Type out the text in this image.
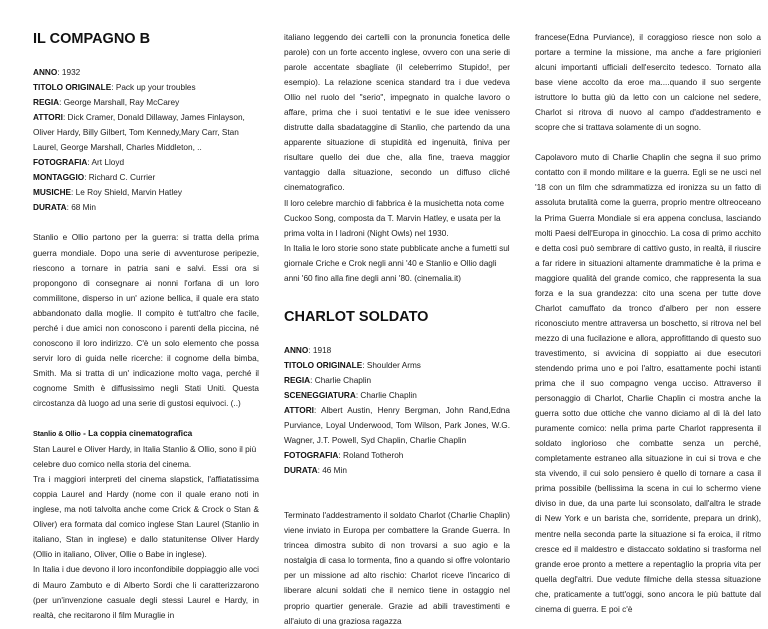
IL COMPAGNO B

ANNO: 1932

TITOLO ORIGINALE: Pack up your troubles

REGIA: George Marshall, Ray McCarey

ATTORI: Dick Cramer, Donald Dillaway, James Finlayson, Oliver Hardy, Billy Gilbert, Tom Kennedy,Mary Carr, Stan Laurel, George Marshall, Charles Middleton, ..

FOTOGRAFIA: Art Lloyd

MONTAGGIO: Richard C. Currier

MUSICHE: Le Roy Shield, Marvin Hatley

DURATA: 68 Min

Stanlio e Ollio partono per la guerra: si tratta della prima guerra mondiale. Dopo una serie di avventurose peripezie, riescono a tornare in patria sani e salvi. Essi ora si propongono di consegnare ai nonni l'orfana di un loro commilitone, disperso in un' azione bellica, il quale era stato abbandonato dalla moglie. Il compito è tutt'altro che facile, perché i due amici non conoscono i parenti della piccina, né conoscono il loro indirizzo. C'è un solo elemento che possa servir loro di guida nelle ricerche: il cognome della bimba, Smith. Ma si tratta di un' indicazione molto vaga, perché il cognome Smith è diffusissimo negli Stati Uniti. Questa circostanza dà luogo ad una serie di gustosi equivoci. (..)

Stanlio & Ollio - La coppia cinematografica

Stan Laurel e Oliver Hardy, in Italia Stanlio & Ollio, sono il più celebre duo comico nella storia del cinema.

Tra i maggiori interpreti del cinema slapstick, l'affiatatissima coppia Laurel and Hardy (nome con il quale erano noti in inglese, ma noti talvolta anche come Crick & Crock o Stan & Oliver) era formata dal comico inglese Stan Laurel (Stanlio in italiano, Stan in inglese) e dallo statunitense Oliver Hardy (Ollio in italiano, Oliver, Ollie o Babe in inglese).

In Italia i due devono il loro inconfondibile doppiaggio alle voci di Mauro Zambuto e di Alberto Sordi che li caratterizzarono (per un'invenzione casuale degli stessi Laurel e Hardy, in realtà, che recitarono il film Muraglie in

italiano leggendo dei cartelli con la pronuncia fonetica delle parole) con un forte accento inglese, ovvero con una serie di parole accentate sbagliate (il celeberrimo Stupido!, per esempio). La relazione scenica standard tra i due vedeva Ollio nel ruolo del "serio", impegnato in qualche lavoro o affare, prima che i suoi tentativi e le sue idee venissero distrutte dalla sbadataggine di Stanlio, che partendo da una apparente situazione di stupidità ed ingenuità, finiva per risultare quello dei due che, alla fine, traeva maggior vantaggio dalla situazione, secondo un diffuso cliché cinematografico.

Il loro celebre marchio di fabbrica è la musichetta nota come Cuckoo Song, composta da T. Marvin Hatley, e usata per la prima volta in I ladroni (Night Owls) nel 1930.

In Italia le loro storie sono state pubblicate anche a fumetti sul giornale Criche e Crok negli anni '40 e Stanlio e Ollio dagli anni '60 fino alla fine degli anni '80. (cinemalia.it)

CHARLOT SOLDATO

ANNO: 1918

TITOLO ORIGINALE: Shoulder Arms

REGIA: Charlie Chaplin

SCENEGGIATURA: Charlie Chaplin

ATTORI: Albert Austin, Henry Bergman, John Rand,Edna Purviance, Loyal Underwood, Tom Wilson, Park Jones, W.G. Wagner, J.T. Powell, Syd Chaplin, Charlie Chaplin

FOTOGRAFIA: Roland Totheroh

DURATA: 46 Min

Terminato l'addestramento il soldato Charlot (Charlie Chaplin) viene inviato in Europa per combattere la Grande Guerra. In trincea dimostra subito di non trovarsi a suo agio e la nostalgia di casa lo tormenta, fino a quando si offre volontario per un missione ad alto rischio: Charlot riceve l'incarico di liberare alcuni soldati che il nemico tiene in ostaggio nel proprio quartier generale. Grazie ad abili travestimenti e all'aiuto di una graziosa ragazza

francese(Edna Purviance), il coraggioso riesce non solo a portare a termine la missione, ma anche a fare prigionieri alcuni importanti ufficiali dell'esercito tedesco. Tornato alla base viene accolto da eroe ma....quando il suo sergente istruttore lo butta giù da letto con un calcione nel sedere, Charlot si ritrova di nuovo al campo d'addestramento e scopre che si trattava solamente di un sogno.

Capolavoro muto di Charlie Chaplin che segna il suo primo contatto con il mondo militare e la guerra. Egli se ne usci nel '18 con un film che sdrammatizza ed ironizza su un fatto di assoluta brutalità come la guerra, proprio mentre oltreoceano la Prima Guerra Mondiale si era appena conclusa, lasciando molti Paesi dell'Europa in ginocchio. La cosa di primo acchito e detta così può sembrare di cattivo gusto, in realtà, il riuscire a far ridere in situazioni altamente drammatiche è la prima e maggiore qualità del grande comico, che rappresenta la sua forza e la sua grandezza: cito una scena per tutte dove Charlot camuffato da tronco d'albero per non essere riconosciuto mentre attraversa un boschetto, si ritrova nel bel mezzo di una fucilazione e allora, approfittando di questo suo travestimento, si avvicina di soppiatto ai due esecutori stendendo prima uno e poi l'altro, esattamente pochi istanti prima che il suo compagno venga ucciso. Attraverso il personaggio di Charlot, Charlie Chaplin ci mostra anche la guerra sotto due ottiche che vanno diciamo al di là del lato puramente comico: nella prima parte Charlot rappresenta il soldato inglorioso che combatte senza un perché, completamente estraneo alla situazione in cui si trova e che sta vivendo, il cui solo pensiero è quello di tornare a casa il prima possibile (bellissima la scena in cui lo schermo viene diviso in due, da una parte lui sconsolato, dall'altra le strade di New York e un barista che, sorridente, prepara un drink), mentre nella seconda parte la situazione si fa eroica, il ritmo cresce ed il maldestro e distaccato soldatino si trasforma nel grande eroe pronto a mettere a repentaglio la propria vita per quella degl'altri. Due vedute filmiche della stessa situazione che, praticamente a tutt'oggi, sono ancora le più battute dal cinema di guerra. E poi c'è
